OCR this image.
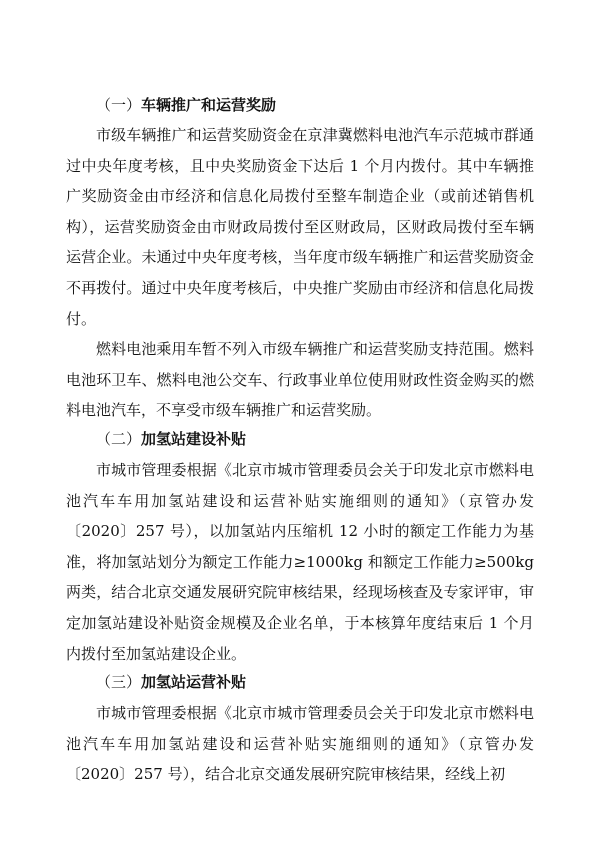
（一）车辆推广和运营奖励

市级车辆推广和运营奖励资金在京津冀燃料电池汽车示范城市群通过中央年度考核，且中央奖励资金下达后 1 个月内拨付。其中车辆推广奖励资金由市经济和信息化局拨付至整车制造企业（或前述销售机构），运营奖励资金由市财政局拨付至区财政局，区财政局拨付至车辆运营企业。未通过中央年度考核，当年度市级车辆推广和运营奖励资金不再拨付。通过中央年度考核后，中央推广奖励由市经济和信息化局拨付。

燃料电池乘用车暂不列入市级车辆推广和运营奖励支持范围。燃料电池环卫车、燃料电池公交车、行政事业单位使用财政性资金购买的燃料电池汽车，不享受市级车辆推广和运营奖励。

（二）加氢站建设补贴

市城市管理委根据《北京市城市管理委员会关于印发北京市燃料电池汽车车用加氢站建设和运营补贴实施细则的通知》（京管办发〔2020〕257 号），以加氢站内压缩机 12 小时的额定工作能力为基准，将加氢站划分为额定工作能力≥1000kg 和额定工作能力≥500kg 两类，结合北京交通发展研究院审核结果，经现场核查及专家评审，审定加氢站建设补贴资金规模及企业名单，于本核算年度结束后 1 个月内拨付至加氢站建设企业。

（三）加氢站运营补贴

市城市管理委根据《北京市城市管理委员会关于印发北京市燃料电池汽车车用加氢站建设和运营补贴实施细则的通知》（京管办发〔2020〕257 号），结合北京交通发展研究院审核结果，经线上初
